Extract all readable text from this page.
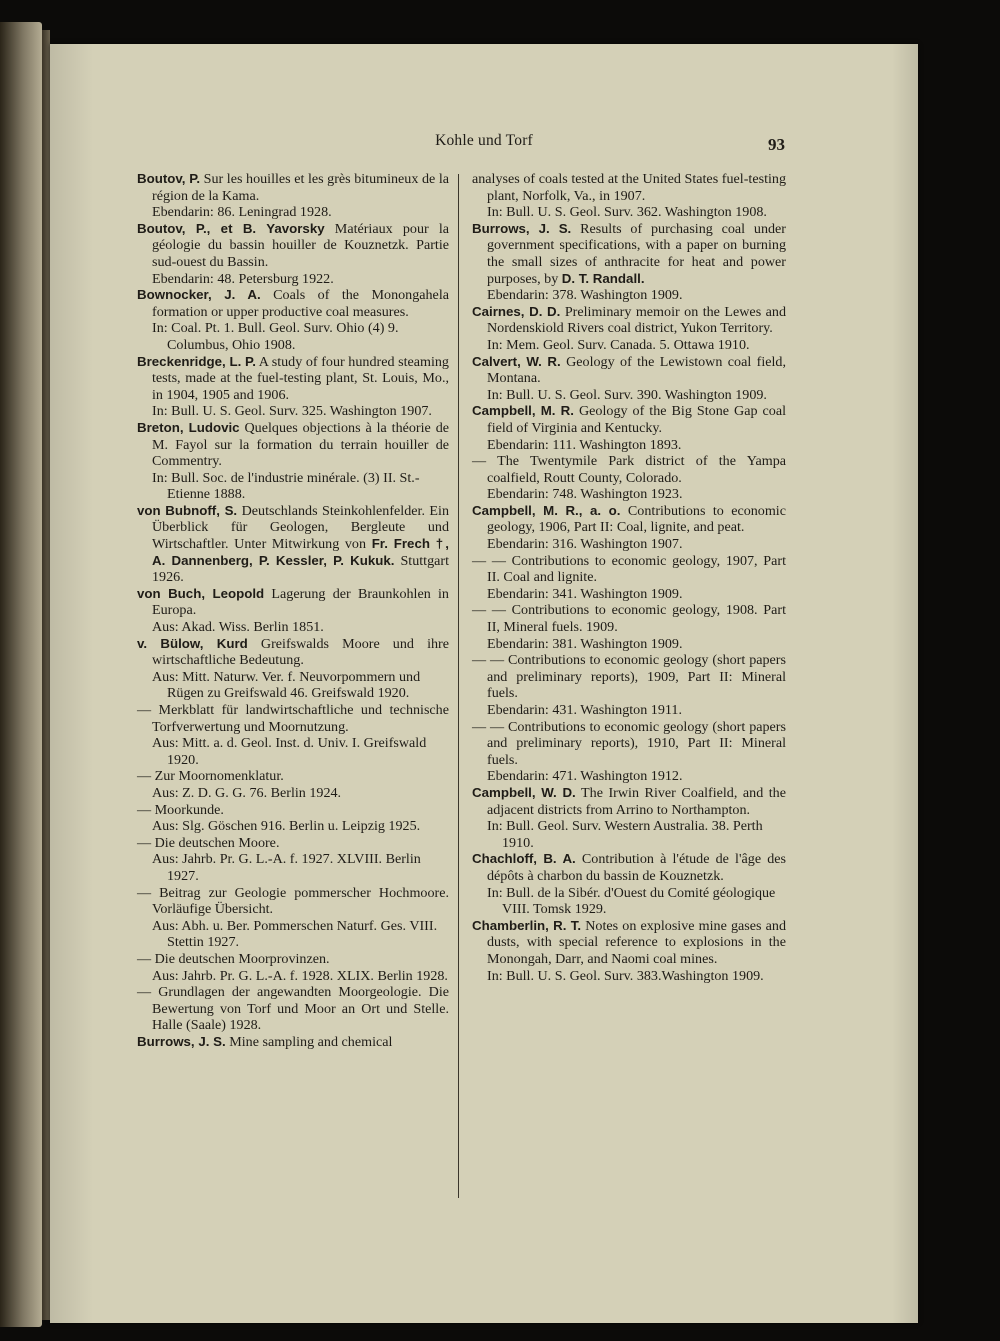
Kohle und Torf	93

Boutov, P. Sur les houilles et les grès bitumineux de la région de la Kama.

Ebendarin: 86. Leningrad 1928.

Boutov, P., et B. Yavorsky Matériaux pour la géologie du bassin houiller de Kouznetzk. Partie sud-ouest du Bassin.

Ebendarin: 48. Petersburg 1922.

Bownocker, J. A. Coals of the Monongahela formation or upper productive coal measures.

In: Coal. Pt. 1. Bull. Geol. Surv. Ohio (4) 9. Columbus, Ohio 1908.

Breckenridge, L. P. A study of four hundred steaming tests, made at the fuel-testing plant, St. Louis, Mo., in 1904, 1905 and 1906.

In: Bull. U. S. Geol. Surv. 325. Washington 1907.

Breton, Ludovic Quelques objections à la théorie de M. Fayol sur la formation du terrain houiller de Commentry.

In: Bull. Soc. de l'industrie minérale. (3) II. St.-Etienne 1888.

von Bubnoff, S. Deutschlands Steinkohlenfelder. Ein Überblick für Geologen, Bergleute und Wirtschaftler. Unter Mitwirkung von Fr. Frech †, A. Dannenberg, P. Kessler, P. Kukuk. Stuttgart 1926.

von Buch, Leopold Lagerung der Braunkohlen in Europa.

Aus: Akad. Wiss. Berlin 1851.

v. Bülow, Kurd Greifswalds Moore und ihre wirtschaftliche Bedeutung.

Aus: Mitt. Naturw. Ver. f. Neuvorpommern und Rügen zu Greifswald 46. Greifswald 1920.

— Merkblatt für landwirtschaftliche und technische Torfverwertung und Moornutzung.

Aus: Mitt. a. d. Geol. Inst. d. Univ. I. Greifswald 1920.

— Zur Moornomenklatur.

Aus: Z. D. G. G. 76. Berlin 1924.

— Moorkunde.

Aus: Slg. Göschen 916. Berlin u. Leipzig 1925.

— Die deutschen Moore.

Aus: Jahrb. Pr. G. L.-A. f. 1927. XLVIII. Berlin 1927.

— Beitrag zur Geologie pommerscher Hochmoore. Vorläufige Übersicht.

Aus: Abh. u. Ber. Pommerschen Naturf. Ges. VIII. Stettin 1927.

— Die deutschen Moorprovinzen.

Aus: Jahrb. Pr. G. L.-A. f. 1928. XLIX. Berlin 1928.

— Grundlagen der angewandten Moorgeologie. Die Bewertung von Torf und Moor an Ort und Stelle. Halle (Saale) 1928.

Burrows, J. S. Mine sampling and chemical

analyses of coals tested at the United States fuel-testing plant, Norfolk, Va., in 1907.

In: Bull. U. S. Geol. Surv. 362. Washington 1908.

Burrows, J. S. Results of purchasing coal under government specifications, with a paper on burning the small sizes of anthracite for heat and power purposes, by D. T. Randall.

Ebendarin: 378. Washington 1909.

Cairnes, D. D. Preliminary memoir on the Lewes and Nordenskiold Rivers coal district, Yukon Territory.

In: Mem. Geol. Surv. Canada. 5. Ottawa 1910.

Calvert, W. R. Geology of the Lewistown coal field, Montana.

In: Bull. U. S. Geol. Surv. 390. Washington 1909.

Campbell, M. R. Geology of the Big Stone Gap coal field of Virginia and Kentucky.

Ebendarin: 111. Washington 1893.

— The Twentymile Park district of the Yampa coalfield, Routt County, Colorado.

Ebendarin: 748. Washington 1923.

Campbell, M. R., a. o. Contributions to economic geology, 1906, Part II: Coal, lignite, and peat.

Ebendarin: 316. Washington 1907.

— — Contributions to economic geology, 1907, Part II. Coal and lignite.

Ebendarin: 341. Washington 1909.

— — Contributions to economic geology, 1908. Part II, Mineral fuels. 1909.

Ebendarin: 381. Washington 1909.

— — Contributions to economic geology (short papers and preliminary reports), 1909, Part II: Mineral fuels.

Ebendarin: 431. Washington 1911.

— — Contributions to economic geology (short papers and preliminary reports), 1910, Part II: Mineral fuels.

Ebendarin: 471. Washington 1912.

Campbell, W. D. The Irwin River Coalfield, and the adjacent districts from Arrino to Northampton.

In: Bull. Geol. Surv. Western Australia. 38. Perth 1910.

Chachloff, B. A. Contribution à l'étude de l'âge des dépôts à charbon du bassin de Kouznetzk.

In: Bull. de la Sibér. d'Ouest du Comité géologique VIII. Tomsk 1929.

Chamberlin, R. T. Notes on explosive mine gases and dusts, with special reference to explosions in the Monongah, Darr, and Naomi coal mines.

In: Bull. U. S. Geol. Surv. 383.Washington 1909.
